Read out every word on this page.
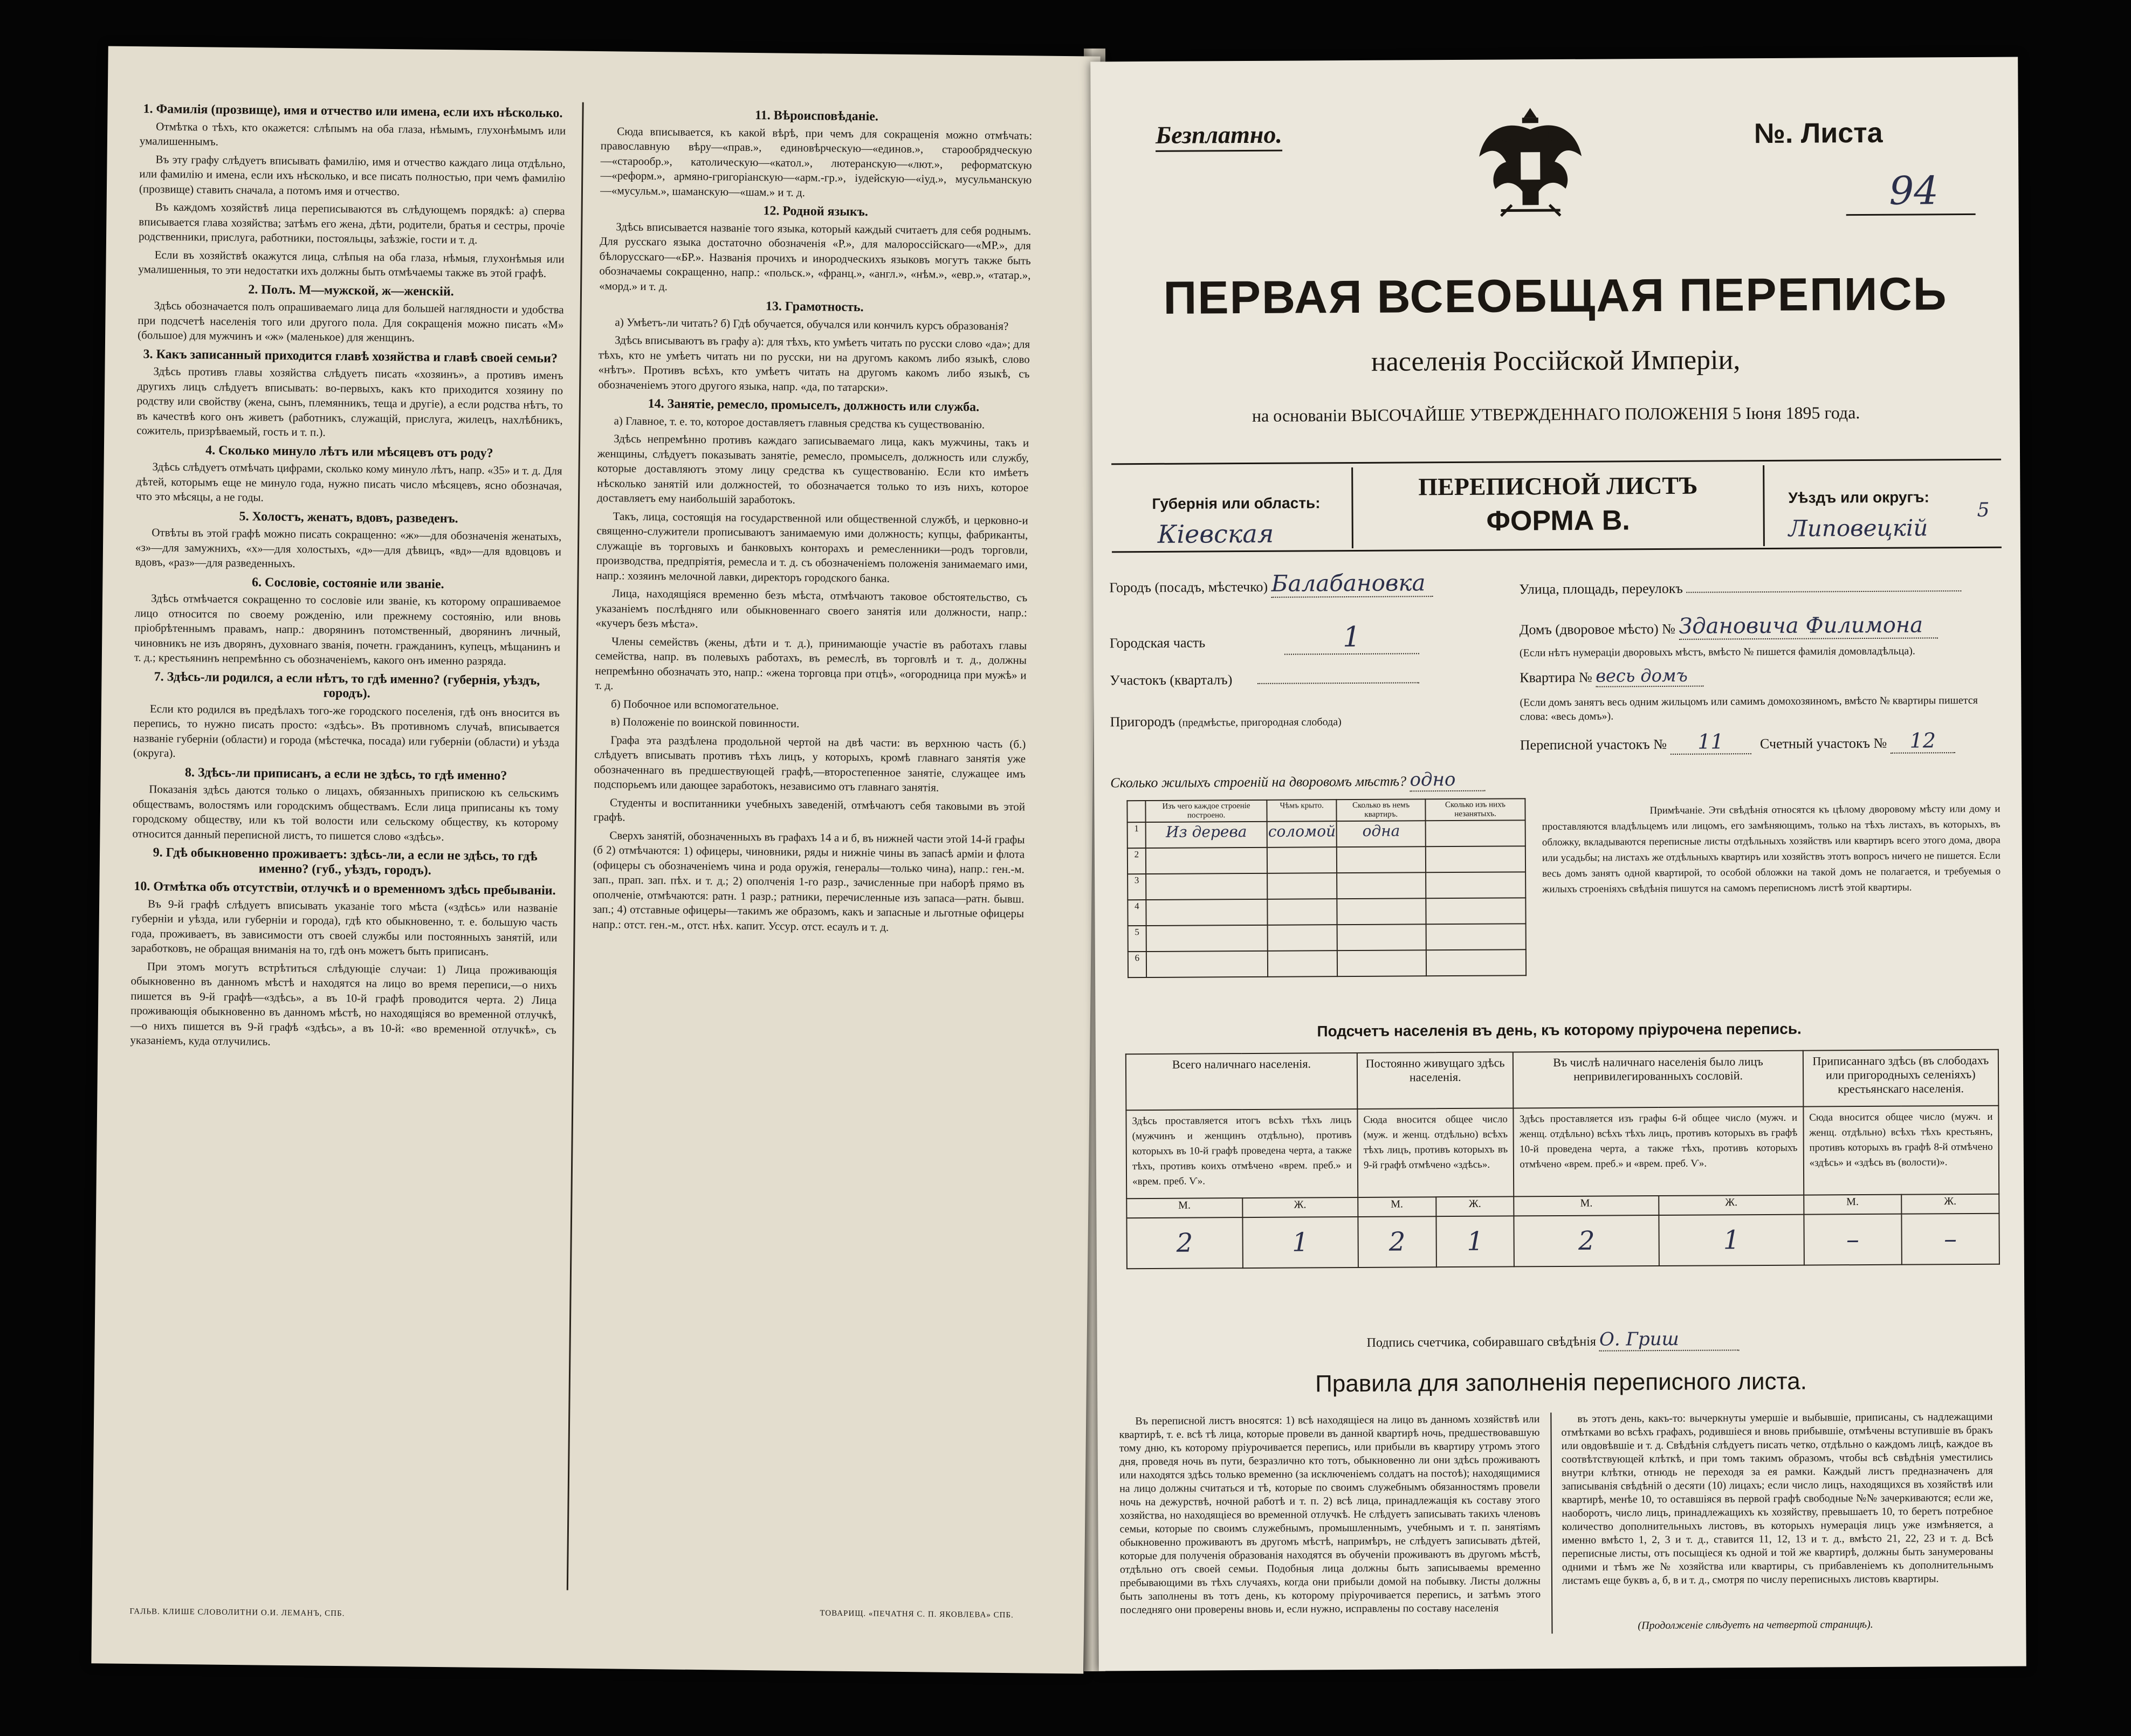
1. Фамилія (прозвище), имя и отчество или имена, если ихъ нѣсколько.

Отмѣтка о тѣхъ, кто окажется: слѣпымъ на оба глаза, нѣмымъ, глухонѣмымъ или умалишеннымъ.

Въ эту графу слѣдуетъ вписывать фамилію, имя и отчество каждаго лица отдѣльно, или фамилію и имена, если ихъ нѣсколько, и все писать полностью, при чемъ фамилію (прозвище) ставить сначала, а потомъ имя и отчество.

Въ каждомъ хозяйствѣ лица переписываются въ слѣдующемъ порядкѣ: а) сперва вписывается глава хозяйства; затѣмъ его жена, дѣти, родители, братья и сестры, прочіе родственники, прислуга, работники, постояльцы, заѣзжіе, гости и т. д.

Если въ хозяйствѣ окажутся лица, слѣпыя на оба глаза, нѣмыя, глухонѣмыя или умалишенныя, то эти недостатки ихъ должны быть отмѣчаемы также въ этой графѣ.

2. Полъ. М—мужской, ж—женскій.

Здѣсь обозначается полъ опрашиваемаго лица для большей наглядности и удобства при подсчетѣ населенія того или другого пола. Для сокращенія можно писать «М» (большое) для мужчинъ и «ж» (маленькое) для женщинъ.

3. Какъ записанный приходится главѣ хозяйства и главѣ своей семьи?

Здѣсь противъ главы хозяйства слѣдуетъ писать «хозяинъ», а противъ именъ другихъ лицъ слѣдуетъ вписывать: во-первыхъ, какъ кто приходится хозяину по родству или свойству (жена, сынъ, племянникъ, теща и другіе), а если родства нѣтъ, то въ качествѣ кого онъ живетъ (работникъ, служащій, прислуга, жилецъ, нахлѣбникъ, сожитель, призрѣваемый, гость и т. п.).

4. Сколько минуло лѣтъ или мѣсяцевъ отъ роду?

Здѣсь слѣдуетъ отмѣчать цифрами, сколько кому минуло лѣтъ, напр. «35» и т. д. Для дѣтей, которымъ еще не минуло года, нужно писать число мѣсяцевъ, ясно обозначая, что это мѣсяцы, а не годы.

5. Холостъ, женатъ, вдовъ, разведенъ.

Отвѣты въ этой графѣ можно писать сокращенно: «ж»—для обозначенія женатыхъ, «з»—для замужнихъ, «х»—для холостыхъ, «д»—для дѣвицъ, «вд»—для вдовцовъ и вдовъ, «раз»—для разведенныхъ.

6. Сословіе, состояніе или званіе.

Здѣсь отмѣчается сокращенно то сословіе или званіе, къ которому опрашиваемое лицо относится по своему рожденію, или прежнему состоянію, или вновь пріобрѣтеннымъ правамъ, напр.: дворянинъ потомственный, дворянинъ личный, чиновникъ не изъ дворянъ, духовнаго званія, почетн. гражданинъ, купецъ, мѣщанинъ и т. д.; крестьянинъ непремѣнно съ обозначеніемъ, какого онъ именно разряда.

7. Здѣсь-ли родился, а если нѣтъ, то гдѣ именно? (губернія, уѣздъ, городъ).

Если кто родился въ предѣлахъ того-же городского поселенія, гдѣ онъ вносится въ перепись, то нужно писать просто: «здѣсь». Въ противномъ случаѣ, вписывается названіе губерніи (области) и города (мѣстечка, посада) или губерніи (области) и уѣзда (округа).

8. Здѣсь-ли приписанъ, а если не здѣсь, то гдѣ именно?

Показанія здѣсь даются только о лицахъ, обязанныхъ припискою къ сельскимъ обществамъ, волостямъ или городскимъ обществамъ. Если лица приписаны къ тому городскому обществу, или къ той волости или сельскому обществу, къ которому относится данный переписной листъ, то пишется слово «здѣсь».

9. Гдѣ обыкновенно проживаетъ: здѣсь-ли, а если не здѣсь, то гдѣ именно? (губ., уѣздъ, городъ).
10. Отмѣтка объ отсутствіи, отлучкѣ и о временномъ здѣсь пребываніи.

Въ 9-й графѣ слѣдуетъ вписывать указаніе того мѣста («здѣсь» или названіе губерніи и уѣзда, или губерніи и города), гдѣ кто обыкновенно, т. е. большую часть года, проживаетъ, въ зависимости отъ своей службы или постоянныхъ занятій, или заработковъ, не обращая вниманія на то, гдѣ онъ можетъ быть приписанъ.

При этомъ могутъ встрѣтиться слѣдующіе случаи: 1) Лица проживающія обыкновенно въ данномъ мѣстѣ и находятся на лицо во время переписи,—о нихъ пишется въ 9-й графѣ—«здѣсь», а въ 10-й графѣ проводится черта. 2) Лица проживающія обыкновенно въ данномъ мѣстѣ, но находящіяся во временной отлучкѣ,—о нихъ пишется въ 9-й графѣ «здѣсь», а въ 10-й: «во временной отлучкѣ», съ указаніемъ, куда отлучились.

11. Вѣроисповѣданіе.

Сюда вписывается, къ какой вѣрѣ, при чемъ для сокращенія можно отмѣчать: православную вѣру—«прав.», единовѣрческую—«единов.», старообрядческую—«старообр.», католическую—«катол.», лютеранскую—«лют.», реформатскую—«реформ.», армяно-григоріанскую—«арм.-гр.», іудейскую—«іуд.», мусульманскую—«мусульм.», шаманскую—«шам.» и т. д.

12. Родной языкъ.

Здѣсь вписывается названіе того языка, который каждый считаетъ для себя роднымъ. Для русскаго языка достаточно обозначенія «Р.», для малороссійскаго—«МР.», для бѣлорусскаго—«БР.». Названія прочихъ и инородческихъ языковъ могутъ также быть обозначаемы сокращенно, напр.: «польск.», «франц.», «англ.», «нѣм.», «евр.», «татар.», «морд.» и т. д.

13. Грамотность.

а) Умѣетъ-ли читать? б) Гдѣ обучается, обучался или кончилъ курсъ образованія?

Здѣсь вписываютъ въ графу а): для тѣхъ, кто умѣетъ читать по русски слово «да»; для тѣхъ, кто не умѣетъ читать ни по русски, ни на другомъ какомъ либо языкѣ, слово «нѣтъ». Противъ всѣхъ, кто умѣетъ читать на другомъ какомъ либо языкѣ, съ обозначеніемъ этого другого языка, напр. «да, по татарски».

14. Занятіе, ремесло, промыселъ, должность или служба.

а) Главное, т. е. то, которое доставляетъ главныя средства къ существованію.

Здѣсь непремѣнно противъ каждаго записываемаго лица, какъ мужчины, такъ и женщины, слѣдуетъ показывать занятіе, ремесло, промыселъ, должность или службу, которые доставляютъ этому лицу средства къ существованію. Если кто имѣетъ нѣсколько занятій или должностей, то обозначается только то изъ нихъ, которое доставляетъ ему наибольшій заработокъ.

Такъ, лица, состоящія на государственной или общественной службѣ, и церковно-и священно-служители прописываютъ занимаемую ими должность; купцы, фабриканты, служащіе въ торговыхъ и банковыхъ конторахъ и ремесленники—родъ торговли, производства, предпріятія, ремесла и т. д. съ обозначеніемъ положенія занимаемаго ими, напр.: хозяинъ мелочной лавки, директоръ городского банка.

Лица, находящіяся временно безъ мѣста, отмѣчаютъ таковое обстоятельство, съ указаніемъ послѣдняго или обыкновеннаго своего занятія или должности, напр.: «кучеръ безъ мѣста».

Члены семействъ (жены, дѣти и т. д.), принимающіе участіе въ работахъ главы семейства, напр. въ полевыхъ работахъ, въ ремеслѣ, въ торговлѣ и т. д., должны непремѣнно обозначать это, напр.: «жена торговца при отцѣ», «огородница при мужѣ» и т. д.

б) Побочное или вспомогательное.

в) Положеніе по воинской повинности.

Графа эта раздѣлена продольной чертой на двѣ части: въ верхнюю часть (б.) слѣдуетъ вписывать противъ тѣхъ лицъ, у которыхъ, кромѣ главнаго занятія уже обозначеннаго въ предшествующей графѣ,—второстепенное занятіе, служащее имъ подспорьемъ или дающее заработокъ, независимо отъ главнаго занятія.

Студенты и воспитанники учебныхъ заведеній, отмѣчаютъ себя таковыми въ этой графѣ.

Сверхъ занятій, обозначенныхъ въ графахъ 14 а и б, въ нижней части этой 14-й графы (б 2) отмѣчаются: 1) офицеры, чиновники, ряды и нижніе чины въ запасѣ арміи и флота (офицеры съ обозначеніемъ чина и рода оружія, генералы—только чина), напр.: ген.-м. зап., прап. зап. пѣх. и т. д.; 2) ополченія 1-го разр., зачисленные при наборѣ прямо въ ополченіе, отмѣчаются: ратн. 1 разр.; ратники, перечисленные изъ запаса—ратн. бывш. зап.; 4) отставные офицеры—такимъ же образомъ, какъ и запасные и льготные офицеры напр.: отст. ген.-м., отст. нѣх. капит. Уссур. отст. есаулъ и т. д.

ГАЛЬВ. КЛИШЕ СЛОВОЛИТНИ О.И. ЛЕМАНЪ, СПБ.	ТОВАРИЩ. «ПЕЧАТНЯ С. П. ЯКОВЛЕВА» СПБ.
Безплатно.	№. Листа
94
ПЕРВАЯ ВСЕОБЩАЯ ПЕРЕПИСЬ
населенія Россійской Имперіи,
на основаніи ВЫСОЧАЙШЕ УТВЕРЖДЕННАГО ПОЛОЖЕНІЯ 5 Іюня 1895 года.
Губернія или область:
Кіевская
ПЕРЕПИСНОЙ ЛИСТЪ
ФОРМА В.
Уѣздъ или округъ:
Липовецкій
5
Городъ (посадъ, мѣстечко) Балабановка	Улица, площадь, переулокъ
Городская часть	1	Домъ (дворовое мѣсто) № Здановича Филимона
(Если нѣтъ нумераціи дворовыхъ мѣстъ, вмѣсто № пишется фамилія домовладѣльца).
Участокъ (кварталъ)	Квартира № весь домъ
(Если домъ занятъ весь одним жильцомъ или самимъ домохозяиномъ, вмѣсто № квартиры пишется слова: «весь домъ»).
Пригородъ (предмѣстье, пригородная слобода)
Переписной участокъ № 11	Счетный участокъ № 12
Сколько жилыхъ строеній на дворовомъ мѣстѣ? одно
	Изъ чего каждое строеніе построено.	Чѣмъ крыто.	Сколько въ немъ квартиръ.	Сколько изъ нихъ незанятыхъ.
1	Из дерева	соломой	одна	
2				
3				
4				
5				
6				
Примѣчаніе. Эти свѣдѣнія относятся къ цѣлому дворовому мѣсту или дому и проставляются владѣльцемъ или лицомъ, его замѣняющимъ, только на тѣхъ листахъ, въ которыхъ, въ обложку, вкладываются переписные листы отдѣльныхъ хозяйствъ или квартиръ всего этого дома, двора или усадьбы; на листахъ же отдѣльныхъ квартиръ или хозяйствъ этотъ вопросъ ничего не пишется. Если весь домъ занятъ одной квартирой, то особой обложки на такой домъ не полагается, и требуемыя о жилыхъ строеніяхъ свѣдѣнія пишутся на самомъ переписномъ листѣ этой квартиры.
Подсчетъ населенія въ день, къ которому пріурочена перепись.
Всего наличнаго населенія.		Постоянно живущаго здѣсь населенія.		Въ числѣ наличнаго населенія было лицъ непривилегированныхъ сословій.		Приписаннаго здѣсь (въ слободахъ или пригородныхъ селеніяхъ) крестьянскаго населенія.	
Здѣсь проставляется итогъ всѣхъ тѣхъ лицъ (мужчинъ и женщинъ отдѣльно), противъ которыхъ въ 10-й графѣ проведена черта, а также тѣхъ, противъ коихъ отмѣчено «врем. преб.» и «врем. преб. Ѵ».		Сюда вносится общее число (муж. и женщ. отдѣльно) всѣхъ тѣхъ лицъ, противъ которыхъ въ 9-й графѣ отмѣчено «здѣсь».		Здѣсь проставляется изъ графы 6-й общее число (мужч. и женщ. отдѣльно) всѣхъ тѣхъ лицъ, противъ которыхъ въ графѣ 10-й проведена черта, а также тѣхъ, противъ которыхъ отмѣчено «врем. преб.» и «врем. преб. Ѵ».		Сюда вносится общее число (мужч. и женщ. отдѣльно) всѣхъ тѣхъ крестьянъ, противъ которыхъ въ графѣ 8-й отмѣчено «здѣсь» и «здѣсь въ (волости)».	
М.	Ж.	М.	Ж.	М.	Ж.	М.	Ж.
2	1	2	1	2	1	–	–
Подпись счетчика, собиравшаго свѣдѣнія О. Гриш
Правила для заполненія переписного листа.
Въ переписной листъ вносятся: 1) всѣ находящіеся на лицо въ данномъ хозяйствѣ или квартирѣ, т. е. всѣ тѣ лица, которые провели въ данной квартирѣ ночь, предшествовавшую тому дню, къ которому пріурочивается перепись, или прибыли въ квартиру утромъ этого дня, проведя ночь въ пути, безразлично кто тотъ, обыкновенно ли они здѣсь проживаютъ или находятся здѣсь только временно (за исключеніемъ солдатъ на постоѣ); находящимися на лицо должны считаться и тѣ, которые по своимъ служебнымъ обязанностямъ провели ночь на дежурствѣ, ночной работѣ и т. п. 2) всѣ лица, принадлежащія къ составу этого хозяйства, но находящіеся во временной отлучкѣ. Не слѣдуетъ записывать такихъ членовъ семьи, которые по своимъ служебнымъ, промышленнымъ, учебнымъ и т. п. занятіямъ обыкновенно проживаютъ въ другомъ мѣстѣ, напримѣръ, не слѣдуетъ записывать дѣтей, которые для полученія образованія находятся въ обученіи проживаютъ въ другомъ мѣстѣ, отдѣльно отъ своей семьи. Подобныя лица должны быть записываемы временно пребывающими въ тѣхъ случаяхъ, когда они прибыли домой на побывку. Листы должны быть заполнены въ тотъ день, къ которому пріурочивается перепись, и затѣмъ этого последняго они проверены вновь и, если нужно, исправлены по составу населенія
въ этотъ день, какъ-то: вычеркнуты умершіе и выбывшіе, приписаны, съ надлежащими отмѣтками во всѣхъ графахъ, родившіеся и вновь прибывшіе, отмѣчены вступившіе въ бракъ или овдовѣвшіе и т. д. Свѣдѣнія слѣдуетъ писать четко, отдѣльно о каждомъ лицѣ, каждое въ соотвѣтствующей клѣткѣ, и при томъ такимъ образомъ, чтобы всѣ свѣдѣнія уместились внутри клѣтки, отнюдь не переходя за ея рамки. Каждый листъ предназначенъ для записыванія свѣдѣній о десяти (10) лицахъ; если число лицъ, находящихся въ хозяйствѣ или квартирѣ, менѣе 10, то оставшіяся въ первой графѣ свободные №№ зачеркиваются; если же, наоборотъ, число лицъ, принадлежащихъ къ хозяйству, превышаетъ 10, то беретъ потребное количество дополнительныхъ листовъ, въ которыхъ нумерація лицъ уже измѣняется, а именно вмѣсто 1, 2, 3 и т. д., ставится 11, 12, 13 и т. д., вмѣсто 21, 22, 23 и т. д. Всѣ переписные листы, отъ посыщіеся къ одной и той же квартирѣ, должны быть занумерованы одними и тѣмъ же № хозяйства или квартиры, съ прибавленіемъ къ дополнительнымъ листамъ еще буквъ а, б, в и т. д., смотря по числу переписныхъ листовъ квартиры.
(Продолженіе слѣдуетъ на четвертой страницѣ).
